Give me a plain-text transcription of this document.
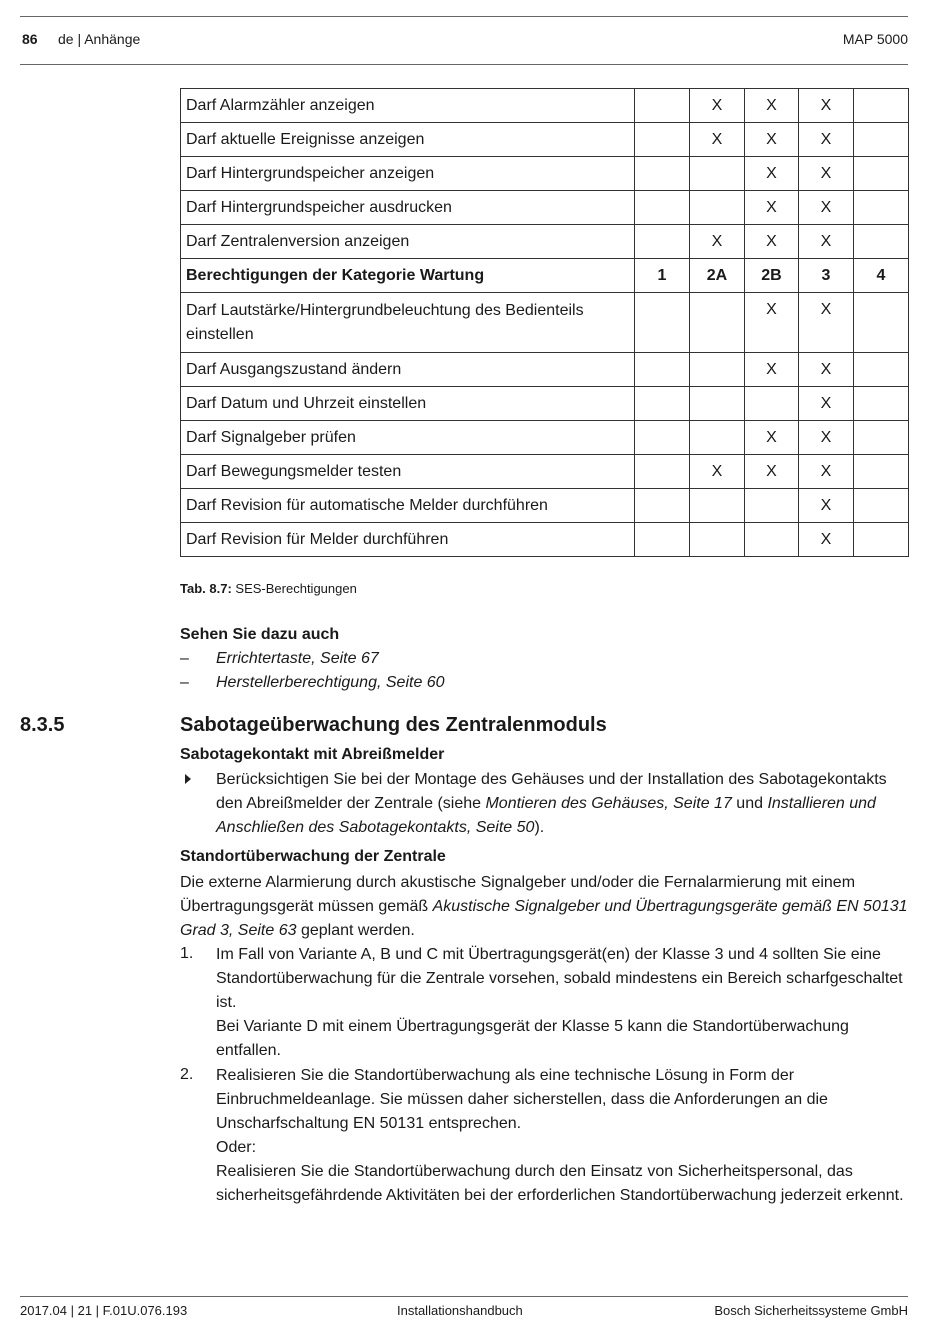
86 de | Anhänge	MAP 5000
Darf Alarmzähler anzeigen		X	X	X	
Darf aktuelle Ereignisse anzeigen		X	X	X	
Darf Hintergrundspeicher anzeigen			X	X	
Darf Hintergrundspeicher ausdrucken			X	X	
Darf Zentralenversion anzeigen		X	X	X	
Berechtigungen der Kategorie Wartung	1	2A	2B	3	4
Darf Lautstärke/Hintergrundbeleuchtung des Bedienteils einstellen			X	X	
Darf Ausgangszustand ändern			X	X	
Darf Datum und Uhrzeit einstellen				X	
Darf Signalgeber prüfen			X	X	
Darf Bewegungsmelder testen		X	X	X	
Darf Revision für automatische Melder durchführen				X	
Darf Revision für Melder durchführen				X	
Tab. 8.7: SES-Berechtigungen
Sehen Sie dazu auch
– Errichtertaste, Seite 67
– Herstellerberechtigung, Seite 60
8.3.5	Sabotageüberwachung des Zentralenmoduls
Sabotagekontakt mit Abreißmelder
Berücksichtigen Sie bei der Montage des Gehäuses und der Installation des Sabotagekontakts den Abreißmelder der Zentrale (siehe Montieren des Gehäuses, Seite 17 und Installieren und Anschließen des Sabotagekontakts, Seite 50).
Standortüberwachung der Zentrale
Die externe Alarmierung durch akustische Signalgeber und/oder die Fernalarmierung mit einem Übertragungsgerät müssen gemäß Akustische Signalgeber und Übertragungsgeräte gemäß EN 50131 Grad 3, Seite 63 geplant werden.
1. Im Fall von Variante A, B und C mit Übertragungsgerät(en) der Klasse 3 und 4 sollten Sie eine Standortüberwachung für die Zentrale vorsehen, sobald mindestens ein Bereich scharfgeschaltet ist.
Bei Variante D mit einem Übertragungsgerät der Klasse 5 kann die Standortüberwachung entfallen.
2. Realisieren Sie die Standortüberwachung als eine technische Lösung in Form der Einbruchmeldeanlage. Sie müssen daher sicherstellen, dass die Anforderungen an die Unscharfschaltung EN 50131 entsprechen.
Oder:
Realisieren Sie die Standortüberwachung durch den Einsatz von Sicherheitspersonal, das sicherheitsgefährdende Aktivitäten bei der erforderlichen Standortüberwachung jederzeit erkennt.
2017.04 | 21 | F.01U.076.193	Installationshandbuch	Bosch Sicherheitssysteme GmbH
